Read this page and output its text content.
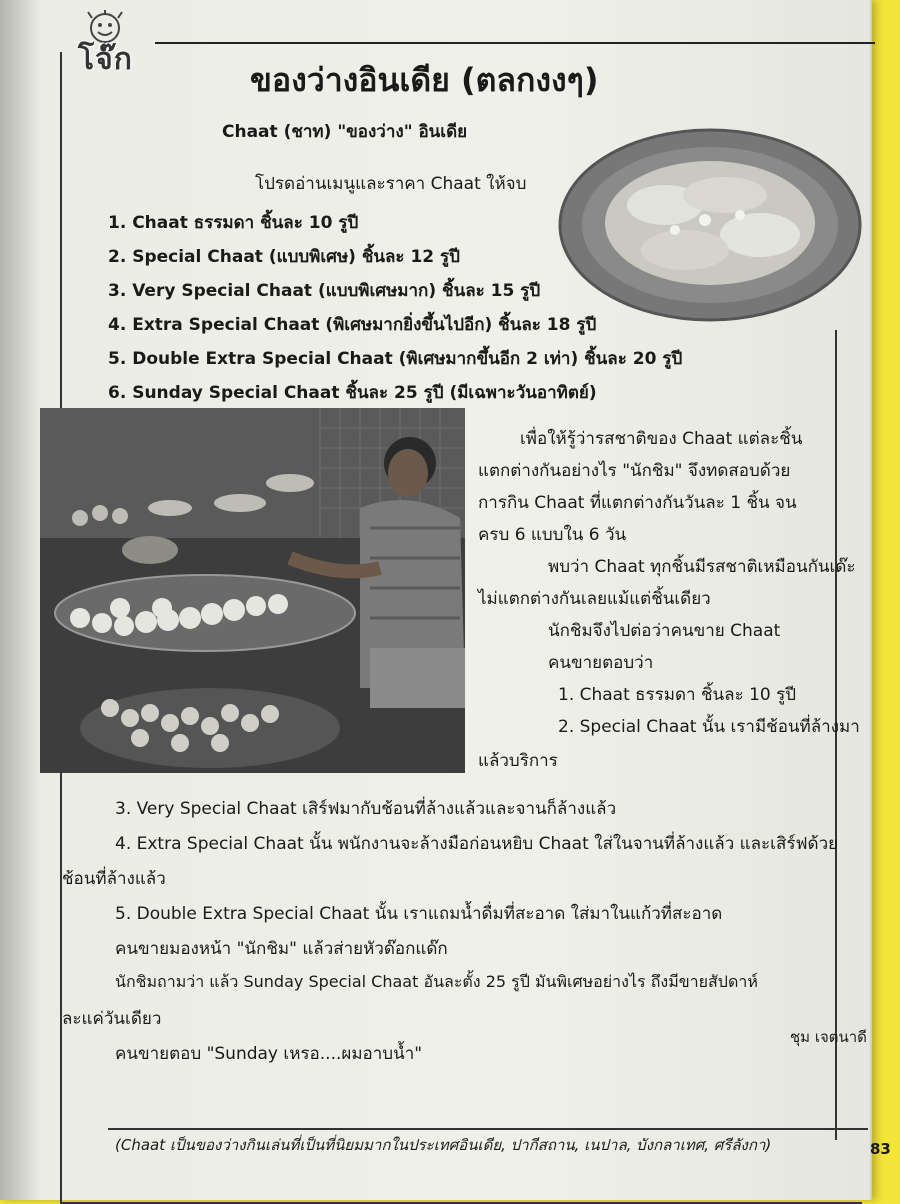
โจ๊ก
ของว่างอินเดีย (ตลกงงๆ)
Chaat (ชาท) "ของว่าง" อินเดีย
โปรดอ่านเมนูและราคา Chaat ให้จบ
1. Chaat ธรรมดา ชิ้นละ 10 รูปี
2. Special Chaat (แบบพิเศษ) ชิ้นละ 12 รูปี
3. Very Special Chaat (แบบพิเศษมาก) ชิ้นละ 15 รูปี
4. Extra Special Chaat (พิเศษมากยิ่งขึ้นไปอีก) ชิ้นละ 18 รูปี
5. Double Extra Special Chaat (พิเศษมากขึ้นอีก 2 เท่า) ชิ้นละ 20 รูปี
6. Sunday Special Chaat ชิ้นละ 25 รูปี (มีเฉพาะวันอาทิตย์)
เพื่อให้รู้ว่ารสชาติของ Chaat แต่ละชิ้น
แตกต่างกันอย่างไร "นักชิม" จึงทดสอบด้วย
การกิน Chaat ที่แตกต่างกันวันละ 1 ชิ้น จน
ครบ 6 แบบใน 6 วัน
พบว่า Chaat ทุกชิ้นมีรสชาติเหมือนกันเด๊ะ
ไม่แตกต่างกันเลยแม้แต่ชิ้นเดียว
นักชิมจึงไปต่อว่าคนขาย Chaat
คนขายตอบว่า
1. Chaat ธรรมดา ชิ้นละ 10 รูปี
2. Special Chaat นั้น เรามีช้อนที่ล้างมา
แล้วบริการ
3. Very Special Chaat เสิร์ฟมากับช้อนที่ล้างแล้วและจานก็ล้างแล้ว
4. Extra Special Chaat นั้น พนักงานจะล้างมือก่อนหยิบ Chaat ใส่ในจานที่ล้างแล้ว และเสิร์ฟด้วย
ช้อนที่ล้างแล้ว
5. Double Extra Special Chaat นั้น เราแถมน้ำดื่มที่สะอาด ใส่มาในแก้วที่สะอาด
คนขายมองหน้า "นักชิม" แล้วส่ายหัวด๊อกแด๊ก
นักชิมถามว่า แล้ว Sunday Special Chaat อันละตั้ง 25 รูปี มันพิเศษอย่างไร ถึงมีขายสัปดาห์
ละแค่วันเดียว
คนขายตอบ "Sunday เหรอ....ผมอาบน้ำ"
ชุม เจตนาดี
(Chaat เป็นของว่างกินเล่นที่เป็นที่นิยมมากในประเทศอินเดีย, ปากีสถาน, เนปาล, บังกลาเทศ, ศรีลังกา)	83
